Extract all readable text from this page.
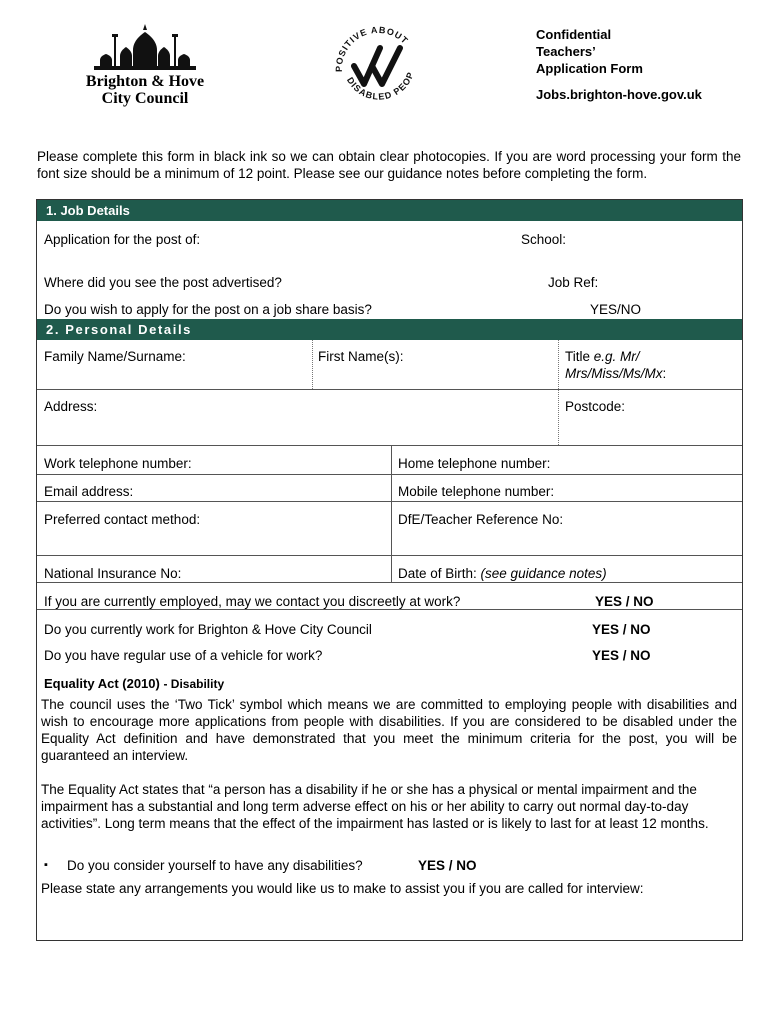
Brighton & Hove
City Council
POSITIVE ABOUT
DISABLED PEOP
Confidential
Teachers’
Application Form
Jobs.brighton-hove.gov.uk
Please complete this form in black ink so we can obtain clear photocopies. If you are word processing your form the font size should be a minimum of 12 point. Please see our guidance notes before completing the form.
1. Job Details
Application for the post of:	School:
Where did you see the post advertised?	Job Ref:
Do you wish to apply for the post on a job share basis?	YES/NO
2. Personal Details
Family Name/Surname:	First Name(s):	Title e.g. Mr/
Mrs/Miss/Ms/Mx:
Address:	Postcode:
Work telephone number:	Home telephone number:
Email address:	Mobile telephone number:
Preferred contact method:	DfE/Teacher Reference No:
National Insurance No:	Date of Birth: (see guidance notes)
If you are currently employed, may we contact you discreetly at work?	YES / NO
Do you currently work for Brighton & Hove City Council	YES / NO
Do you have regular use of a vehicle for work?	YES / NO
Equality Act (2010) - Disability
The council uses the ‘Two Tick’ symbol which means we are committed to employing people with disabilities and wish to encourage more applications from people with disabilities. If you are considered to be disabled under the Equality Act definition and have demonstrated that you meet the minimum criteria for the post, you will be guaranteed an interview.
The Equality Act states that “a person has a disability if he or she has a physical or mental impairment and the impairment has a substantial and long term adverse effect on his or her ability to carry out normal day-to-day activities”. Long term means that the effect of the impairment has lasted or is likely to last for at least 12 months.
▪ Do you consider yourself to have any disabilities?	YES / NO
Please state any arrangements you would like us to make to assist you if you are called for interview:
